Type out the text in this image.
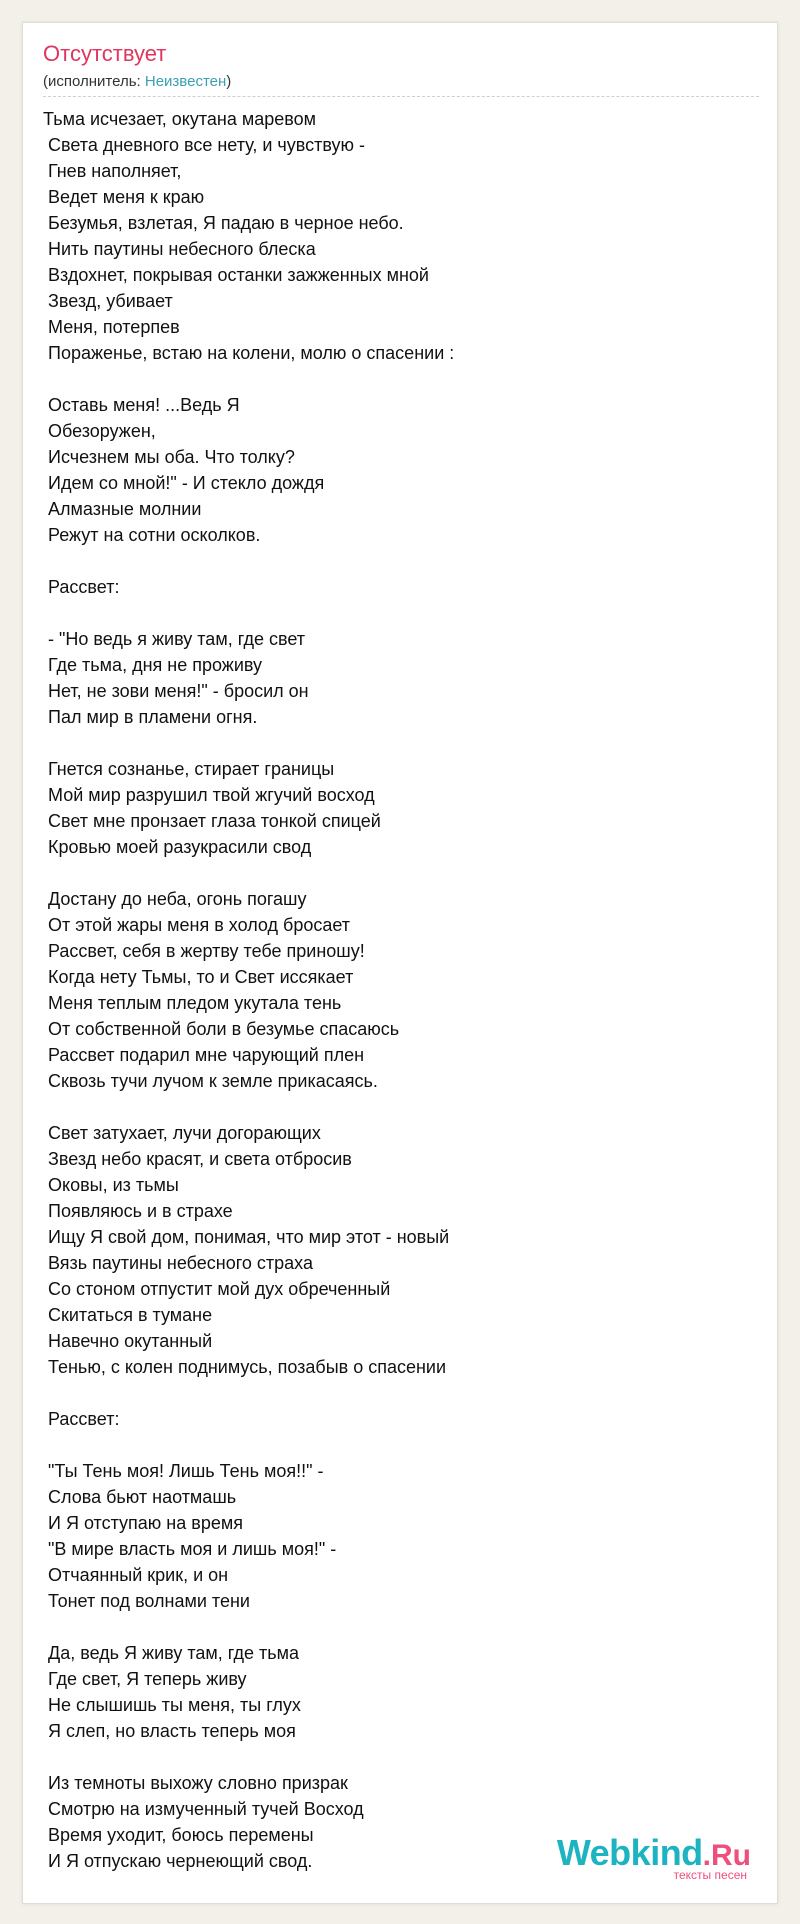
Отсутствует
(исполнитель: Неизвестен)
Тьма исчезает, окутана маревом
Света дневного все нету, и чувствую -
Гнев наполняет,
Ведет меня к краю
Безумья, взлетая, Я падаю в черное небо.
Нить паутины небесного блеска
Вздохнет, покрывая останки зажженных мной
Звезд, убивает
Меня, потерпев
Пораженье, встаю на колени, молю о спасении :
Оставь меня! ...Ведь Я
Обезоружен,
Исчезнем мы оба. Что толку?
Идем со мной!" - И стекло дождя
Алмазные молнии
Режут на сотни осколков.
Рассвет:
- "Но ведь я живу там, где свет
Где тьма, дня не проживу
Нет, не зови меня!" - бросил он
Пал мир в пламени огня.
Гнется сознанье, стирает границы
Мой мир разрушил твой жгучий восход
Свет мне пронзает глаза тонкой спицей
Кровью моей разукрасили свод
Достану до неба, огонь погашу
От этой жары меня в холод бросает
Рассвет, себя в жертву тебе приношу!
Когда нету Тьмы, то и Свет иссякает
Меня теплым пледом укутала тень
От собственной боли в безумье спасаюсь
Рассвет подарил мне чарующий плен
Сквозь тучи лучом к земле прикасаясь.
Свет затухает, лучи догорающих
Звезд небо красят, и света отбросив
Оковы, из тьмы
Появляюсь и в страхе
Ищу Я свой дом, понимая, что мир этот - новый
Вязь паутины небесного страха
Со стоном отпустит мой дух обреченный
Скитаться в тумане
Навечно окутанный
Тенью, с колен поднимусь, позабыв о спасении
Рассвет:
"Ты Тень моя! Лишь Тень моя!!" -
Слова бьют наотмашь
И Я отступаю на время
"В мире власть моя и лишь моя!" -
Отчаянный крик, и он
Тонет под волнами тени
Да, ведь Я живу там, где тьма
Где свет, Я теперь живу
Не слышишь ты меня, ты глух
Я слеп, но власть теперь моя
Из темноты выхожу словно призрак
Смотрю на измученный тучей Восход
Время уходит, боюсь перемены
И Я отпускаю чернеющий свод.	Webkind.Ru
тексты песен
